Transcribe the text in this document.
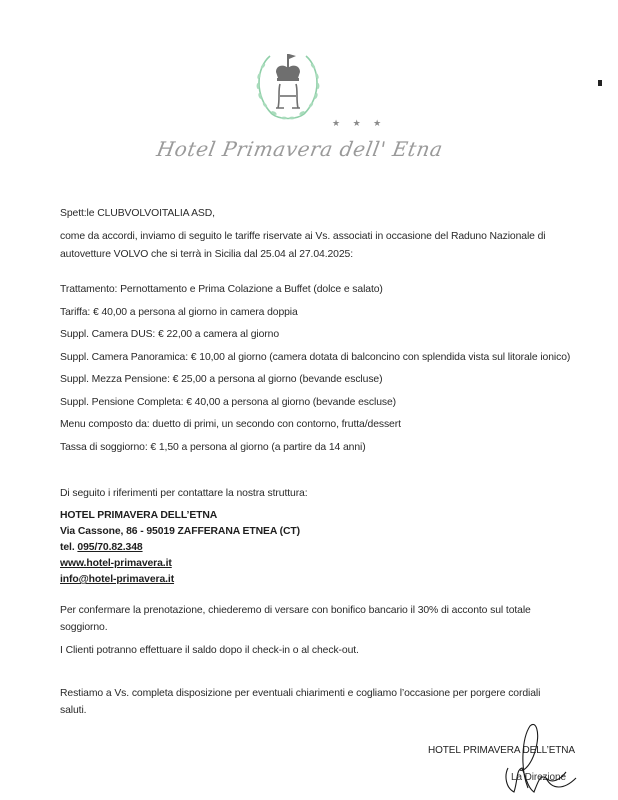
★ ★ ★
Hotel Primavera dell' Etna
Spett:le CLUBVOLVOITALIA ASD,
come da accordi, inviamo di seguito le tariffe riservate ai Vs. associati in occasione del Raduno Nazionale di
autovetture VOLVO che si terrà in Sicilia dal 25.04 al 27.04.2025:
Trattamento: Pernottamento e Prima Colazione a Buffet (dolce e salato)
Tariffa: € 40,00 a persona al giorno in camera doppia
Suppl. Camera DUS: € 22,00 a camera al giorno
Suppl. Camera Panoramica: € 10,00 al giorno (camera dotata di balconcino con splendida vista sul litorale ionico)
Suppl. Mezza Pensione: € 25,00 a persona al giorno (bevande escluse)
Suppl. Pensione Completa: € 40,00 a persona al giorno (bevande escluse)
Menu composto da: duetto di primi, un secondo con contorno, frutta/dessert
Tassa di soggiorno: € 1,50 a persona al giorno (a partire da 14 anni)
Di seguito i riferimenti per contattare la nostra struttura:
HOTEL PRIMAVERA DELL’ETNA
Via Cassone, 86 - 95019 ZAFFERANA ETNEA (CT)
tel. 095/70.82.348
www.hotel-primavera.it
info@hotel-primavera.it
Per confermare la prenotazione, chiederemo di versare con bonifico bancario il 30% di acconto sul totale
soggiorno.
I Clienti potranno effettuare il saldo dopo il check-in o al check-out.
Restiamo a Vs. completa disposizione per eventuali chiarimenti e cogliamo l’occasione per porgere cordiali
saluti.
HOTEL PRIMAVERA DELL’ETNA
La Direzione
